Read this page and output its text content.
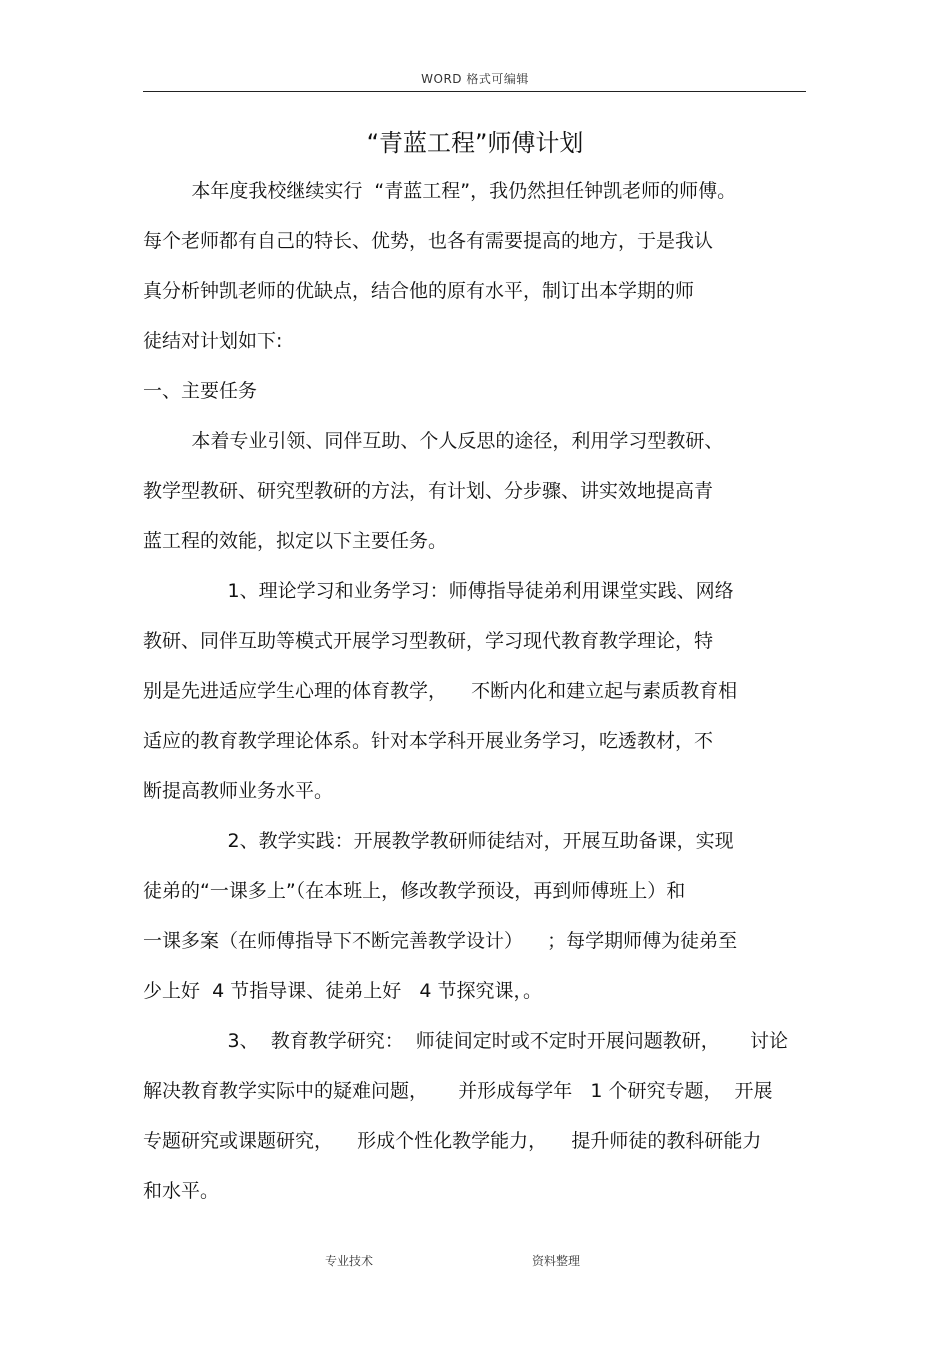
WORD 格式可编辑
“青蓝工程”师傅计划
本年度我校继续实行  “青蓝工程”，我仍然担任钟凯老师的师傅。
每个老师都有自己的特长、优势，也各有需要提高的地方，于是我认
真分析钟凯老师的优缺点，结合他的原有水平，制订出本学期的师
徒结对计划如下:
一、主要任务
本着专业引领、同伴互助、个人反思的途径，利用学习型教研、
教学型教研、研究型教研的方法，有计划、分步骤、讲实效地提高青
蓝工程的效能，拟定以下主要任务。
1、理论学习和业务学习：师傅指导徒弟利用课堂实践、网络
教研、同伴互助等模式开展学习型教研，学习现代教育教学理论，特
别是先进适应学生心理的体育教学，    不断内化和建立起与素质教育相
适应的教育教学理论体系。针对本学科开展业务学习，吃透教材，不
断提高教师业务水平。
2、教学实践：开展教学教研师徒结对，开展互助备课，实现
徒弟的“一课多上”（在本班上，修改教学预设，再到师傅班上）和
一课多案（在师傅指导下不断完善教学设计）    ；每学期师傅为徒弟至
少上好  4 节指导课、徒弟上好   4 节探究课，。
3、  教育教学研究：  师徒间定时或不定时开展问题教研，     讨论
解决教育教学实际中的疑难问题，     并形成每学年   1 个研究专题，  开展
专题研究或课题研究，    形成个性化教学能力，    提升师徒的教科研能力
和水平。
专业技术	资料整理
